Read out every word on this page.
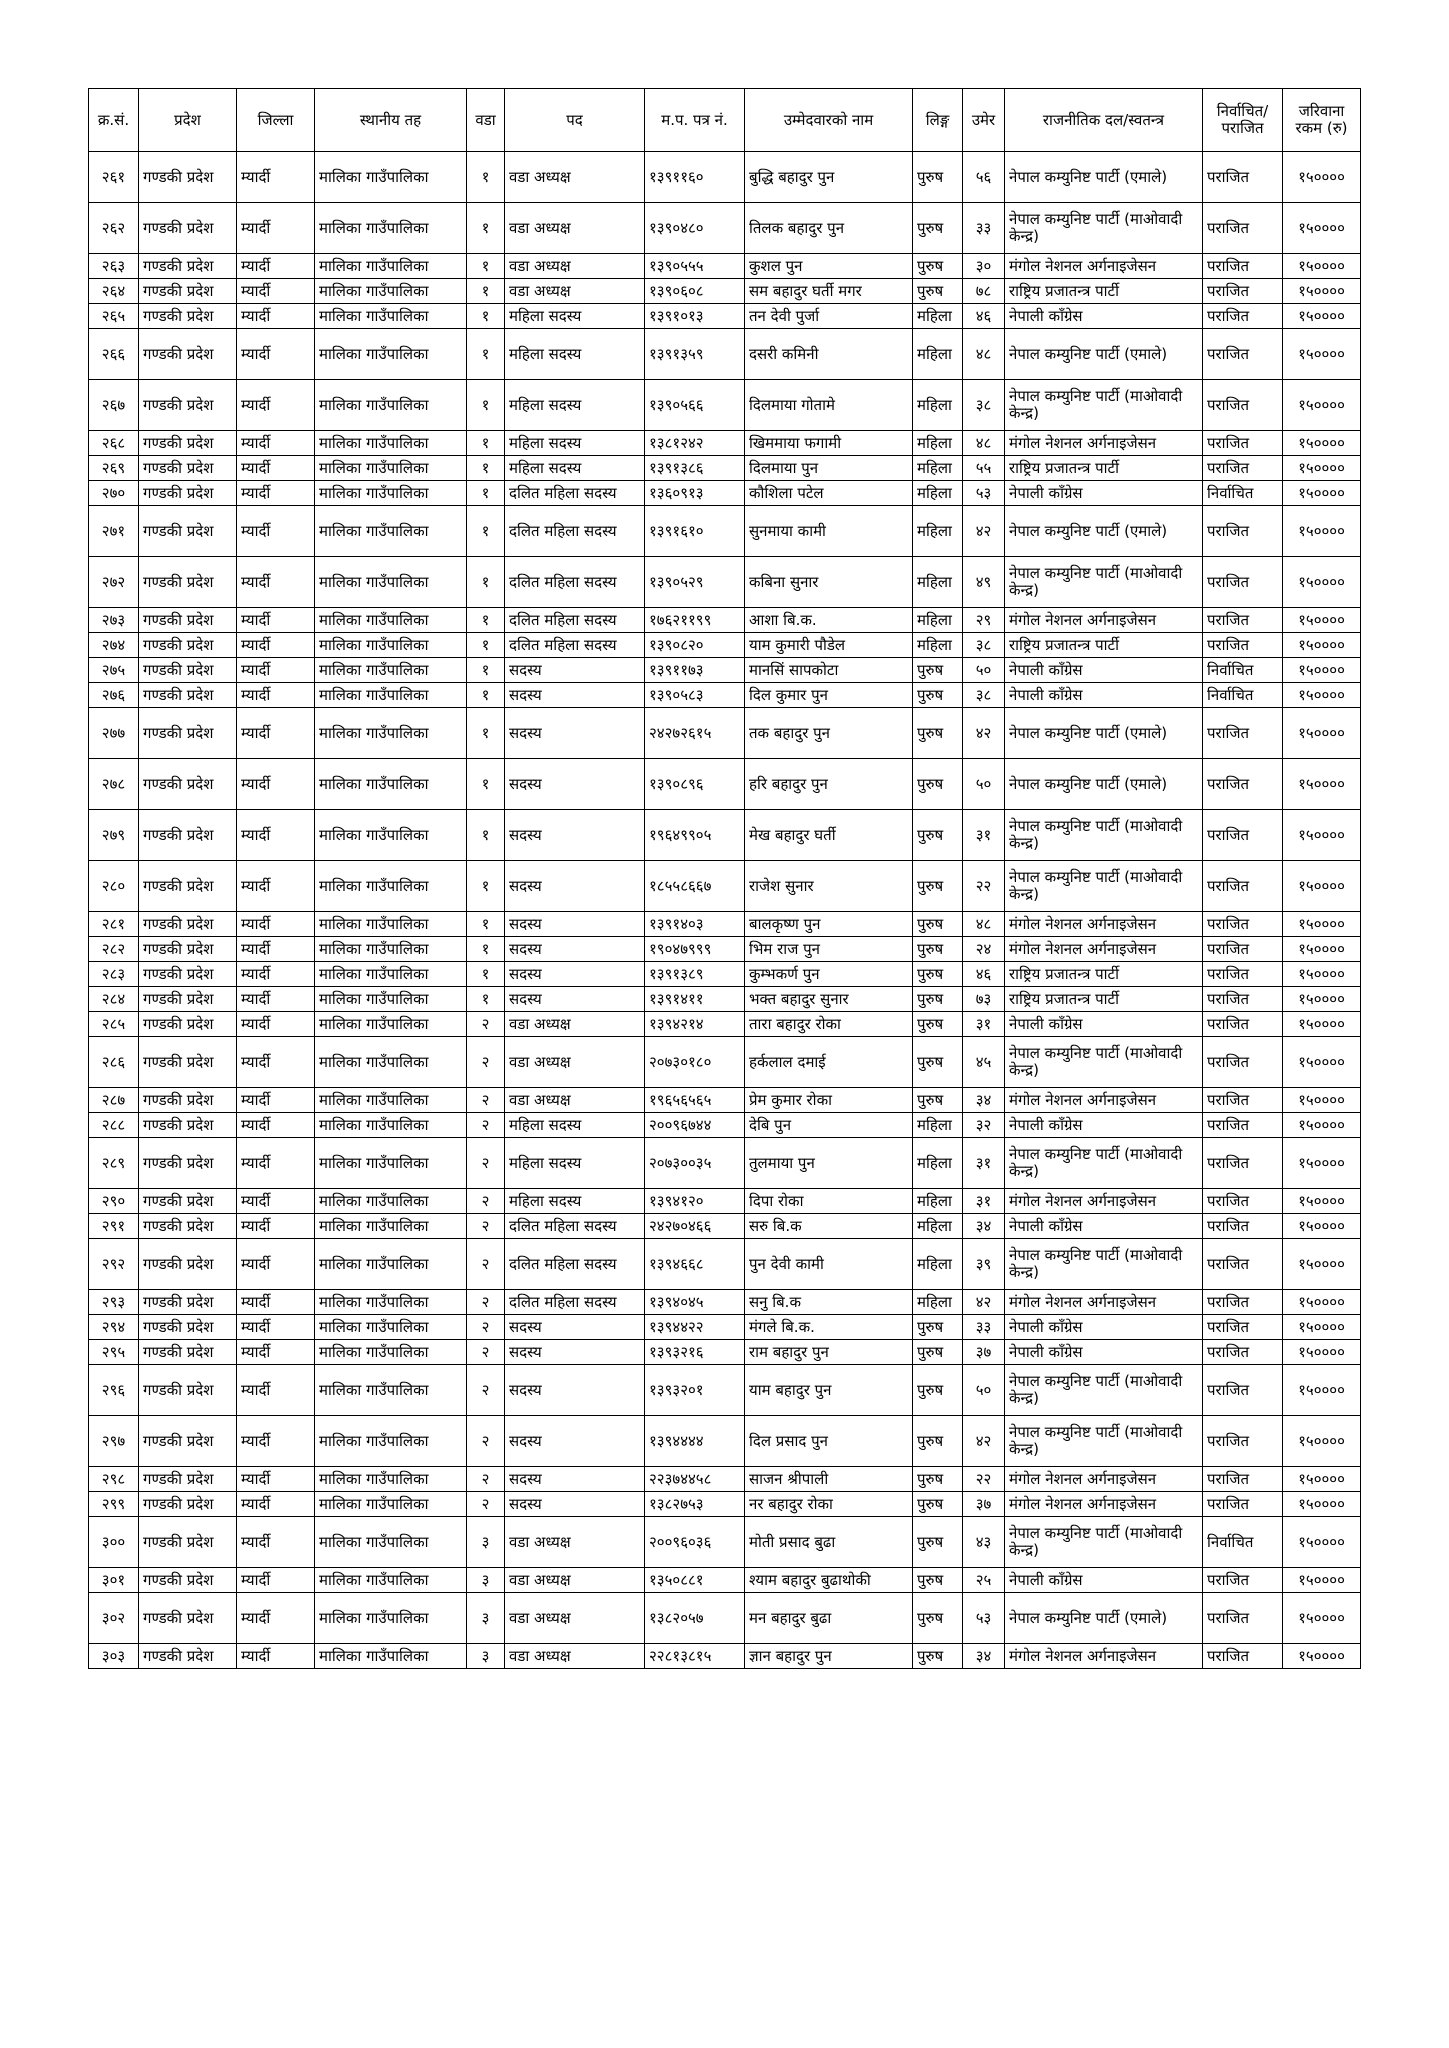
क्र.सं.	प्रदेश	जिल्ला	स्थानीय तह	वडा	पद	म.प. पत्र नं.	उम्मेदवारको नाम	लिङ्ग	उमेर	राजनीतिक दल/स्वतन्त्र	निर्वाचित/ पराजित	जरिवाना रकम (रु)
२६१	गण्डकी प्रदेश	म्यार्दी	मालिका गाउँपालिका	१	वडा अध्यक्ष	१३९११६०	बुद्धि बहादुर पुन	पुरुष	५६	नेपाल कम्युनिष्ट पार्टी (एमाले)	पराजित	१५००००
२६२	गण्डकी प्रदेश	म्यार्दी	मालिका गाउँपालिका	१	वडा अध्यक्ष	१३९०४८०	तिलक बहादुर पुन	पुरुष	३३	नेपाल कम्युनिष्ट पार्टी (माओवादी केन्द्र)	पराजित	१५००००
२६३	गण्डकी प्रदेश	म्यार्दी	मालिका गाउँपालिका	१	वडा अध्यक्ष	१३९०५५५	कुशल पुन	पुरुष	३०	मंगोल नेशनल अर्गनाइजेसन	पराजित	१५००००
२६४	गण्डकी प्रदेश	म्यार्दी	मालिका गाउँपालिका	१	वडा अध्यक्ष	१३९०६०८	सम बहादुर घर्ती मगर	पुरुष	७८	राष्ट्रिय प्रजातन्त्र पार्टी	पराजित	१५००००
२६५	गण्डकी प्रदेश	म्यार्दी	मालिका गाउँपालिका	१	महिला सदस्य	१३९१०१३	तन देवी पुर्जा	महिला	४६	नेपाली काँग्रेस	पराजित	१५००००
२६६	गण्डकी प्रदेश	म्यार्दी	मालिका गाउँपालिका	१	महिला सदस्य	१३९१३५९	दसरी कमिनी	महिला	४८	नेपाल कम्युनिष्ट पार्टी (एमाले)	पराजित	१५००००
२६७	गण्डकी प्रदेश	म्यार्दी	मालिका गाउँपालिका	१	महिला सदस्य	१३९०५६६	दिलमाया गोतामे	महिला	३८	नेपाल कम्युनिष्ट पार्टी (माओवादी केन्द्र)	पराजित	१५००००
२६८	गण्डकी प्रदेश	म्यार्दी	मालिका गाउँपालिका	१	महिला सदस्य	१३८१२४२	खिममाया फगामी	महिला	४८	मंगोल नेशनल अर्गनाइजेसन	पराजित	१५००००
२६९	गण्डकी प्रदेश	म्यार्दी	मालिका गाउँपालिका	१	महिला सदस्य	१३९१३८६	दिलमाया पुन	महिला	५५	राष्ट्रिय प्रजातन्त्र पार्टी	पराजित	१५००००
२७०	गण्डकी प्रदेश	म्यार्दी	मालिका गाउँपालिका	१	दलित महिला सदस्य	१३६०९१३	कौशिला पटेल	महिला	५३	नेपाली काँग्रेस	निर्वाचित	१५००००
२७१	गण्डकी प्रदेश	म्यार्दी	मालिका गाउँपालिका	१	दलित महिला सदस्य	१३९१६१०	सुनमाया कामी	महिला	४२	नेपाल कम्युनिष्ट पार्टी (एमाले)	पराजित	१५००००
२७२	गण्डकी प्रदेश	म्यार्दी	मालिका गाउँपालिका	१	दलित महिला सदस्य	१३९०५२९	कबिना सुनार	महिला	४९	नेपाल कम्युनिष्ट पार्टी (माओवादी केन्द्र)	पराजित	१५००००
२७३	गण्डकी प्रदेश	म्यार्दी	मालिका गाउँपालिका	१	दलित महिला सदस्य	१७६२११९९	आशा बि.क.	महिला	२९	मंगोल नेशनल अर्गनाइजेसन	पराजित	१५००००
२७४	गण्डकी प्रदेश	म्यार्दी	मालिका गाउँपालिका	१	दलित महिला सदस्य	१३९०८२०	याम कुमारी पौडेल	महिला	३८	राष्ट्रिय प्रजातन्त्र पार्टी	पराजित	१५००००
२७५	गण्डकी प्रदेश	म्यार्दी	मालिका गाउँपालिका	१	सदस्य	१३९११७३	मानसिं सापकोटा	पुरुष	५०	नेपाली काँग्रेस	निर्वाचित	१५००००
२७६	गण्डकी प्रदेश	म्यार्दी	मालिका गाउँपालिका	१	सदस्य	१३९०५८३	दिल कुमार पुन	पुरुष	३८	नेपाली काँग्रेस	निर्वाचित	१५००००
२७७	गण्डकी प्रदेश	म्यार्दी	मालिका गाउँपालिका	१	सदस्य	२४२७२६१५	तक बहादुर पुन	पुरुष	४२	नेपाल कम्युनिष्ट पार्टी (एमाले)	पराजित	१५००००
२७८	गण्डकी प्रदेश	म्यार्दी	मालिका गाउँपालिका	१	सदस्य	१३९०८९६	हरि बहादुर पुन	पुरुष	५०	नेपाल कम्युनिष्ट पार्टी (एमाले)	पराजित	१५००००
२७९	गण्डकी प्रदेश	म्यार्दी	मालिका गाउँपालिका	१	सदस्य	१९६४९९०५	मेख बहादुर घर्ती	पुरुष	३१	नेपाल कम्युनिष्ट पार्टी (माओवादी केन्द्र)	पराजित	१५००००
२८०	गण्डकी प्रदेश	म्यार्दी	मालिका गाउँपालिका	१	सदस्य	१८५५८६६७	राजेश सुनार	पुरुष	२२	नेपाल कम्युनिष्ट पार्टी (माओवादी केन्द्र)	पराजित	१५००००
२८१	गण्डकी प्रदेश	म्यार्दी	मालिका गाउँपालिका	१	सदस्य	१३९१४०३	बालकृष्ण पुन	पुरुष	४८	मंगोल नेशनल अर्गनाइजेसन	पराजित	१५००००
२८२	गण्डकी प्रदेश	म्यार्दी	मालिका गाउँपालिका	१	सदस्य	१९०४७९९९	भिम राज पुन	पुरुष	२४	मंगोल नेशनल अर्गनाइजेसन	पराजित	१५००००
२८३	गण्डकी प्रदेश	म्यार्दी	मालिका गाउँपालिका	१	सदस्य	१३९१३८९	कुम्भकर्ण पुन	पुरुष	४६	राष्ट्रिय प्रजातन्त्र पार्टी	पराजित	१५००००
२८४	गण्डकी प्रदेश	म्यार्दी	मालिका गाउँपालिका	१	सदस्य	१३९१४११	भक्त बहादुर सुनार	पुरुष	७३	राष्ट्रिय प्रजातन्त्र पार्टी	पराजित	१५००००
२८५	गण्डकी प्रदेश	म्यार्दी	मालिका गाउँपालिका	२	वडा अध्यक्ष	१३९४२१४	तारा बहादुर रोका	पुरुष	३१	नेपाली काँग्रेस	पराजित	१५००००
२८६	गण्डकी प्रदेश	म्यार्दी	मालिका गाउँपालिका	२	वडा अध्यक्ष	२०७३०१८०	हर्कलाल दमाई	पुरुष	४५	नेपाल कम्युनिष्ट पार्टी (माओवादी केन्द्र)	पराजित	१५००००
२८७	गण्डकी प्रदेश	म्यार्दी	मालिका गाउँपालिका	२	वडा अध्यक्ष	१९६५६५६५	प्रेम कुमार रोका	पुरुष	३४	मंगोल नेशनल अर्गनाइजेसन	पराजित	१५००००
२८८	गण्डकी प्रदेश	म्यार्दी	मालिका गाउँपालिका	२	महिला सदस्य	२००९६७४४	देबि पुन	महिला	३२	नेपाली काँग्रेस	पराजित	१५००००
२८९	गण्डकी प्रदेश	म्यार्दी	मालिका गाउँपालिका	२	महिला सदस्य	२०७३००३५	तुलमाया पुन	महिला	३१	नेपाल कम्युनिष्ट पार्टी (माओवादी केन्द्र)	पराजित	१५००००
२९०	गण्डकी प्रदेश	म्यार्दी	मालिका गाउँपालिका	२	महिला सदस्य	१३९४१२०	दिपा रोका	महिला	३१	मंगोल नेशनल अर्गनाइजेसन	पराजित	१५००००
२९१	गण्डकी प्रदेश	म्यार्दी	मालिका गाउँपालिका	२	दलित महिला सदस्य	२४२७०४६६	सरु बि.क	महिला	३४	नेपाली काँग्रेस	पराजित	१५००००
२९२	गण्डकी प्रदेश	म्यार्दी	मालिका गाउँपालिका	२	दलित महिला सदस्य	१३९४६६८	पुन देवी कामी	महिला	३९	नेपाल कम्युनिष्ट पार्टी (माओवादी केन्द्र)	पराजित	१५००००
२९३	गण्डकी प्रदेश	म्यार्दी	मालिका गाउँपालिका	२	दलित महिला सदस्य	१३९४०४५	सनु बि.क	महिला	४२	मंगोल नेशनल अर्गनाइजेसन	पराजित	१५००००
२९४	गण्डकी प्रदेश	म्यार्दी	मालिका गाउँपालिका	२	सदस्य	१३९४४२२	मंगले बि.क.	पुरुष	३३	नेपाली काँग्रेस	पराजित	१५००००
२९५	गण्डकी प्रदेश	म्यार्दी	मालिका गाउँपालिका	२	सदस्य	१३९३२१६	राम बहादुर पुन	पुरुष	३७	नेपाली काँग्रेस	पराजित	१५००००
२९६	गण्डकी प्रदेश	म्यार्दी	मालिका गाउँपालिका	२	सदस्य	१३९३२०१	याम बहादुर पुन	पुरुष	५०	नेपाल कम्युनिष्ट पार्टी (माओवादी केन्द्र)	पराजित	१५००००
२९७	गण्डकी प्रदेश	म्यार्दी	मालिका गाउँपालिका	२	सदस्य	१३९४४४४	दिल प्रसाद पुन	पुरुष	४२	नेपाल कम्युनिष्ट पार्टी (माओवादी केन्द्र)	पराजित	१५००००
२९८	गण्डकी प्रदेश	म्यार्दी	मालिका गाउँपालिका	२	सदस्य	२२३७४४५८	साजन श्रीपाली	पुरुष	२२	मंगोल नेशनल अर्गनाइजेसन	पराजित	१५००००
२९९	गण्डकी प्रदेश	म्यार्दी	मालिका गाउँपालिका	२	सदस्य	१३८२७५३	नर बहादुर रोका	पुरुष	३७	मंगोल नेशनल अर्गनाइजेसन	पराजित	१५००००
३००	गण्डकी प्रदेश	म्यार्दी	मालिका गाउँपालिका	३	वडा अध्यक्ष	२००९६०३६	मोती प्रसाद बुढा	पुरुष	४३	नेपाल कम्युनिष्ट पार्टी (माओवादी केन्द्र)	निर्वाचित	१५००००
३०१	गण्डकी प्रदेश	म्यार्दी	मालिका गाउँपालिका	३	वडा अध्यक्ष	१३५०८८१	श्याम बहादुर बुढाथोकी	पुरुष	२५	नेपाली काँग्रेस	पराजित	१५००००
३०२	गण्डकी प्रदेश	म्यार्दी	मालिका गाउँपालिका	३	वडा अध्यक्ष	१३८२०५७	मन बहादुर बुढा	पुरुष	५३	नेपाल कम्युनिष्ट पार्टी (एमाले)	पराजित	१५००००
३०३	गण्डकी प्रदेश	म्यार्दी	मालिका गाउँपालिका	३	वडा अध्यक्ष	२२८१३८१५	ज्ञान बहादुर पुन	पुरुष	३४	मंगोल नेशनल अर्गनाइजेसन	पराजित	१५००००
